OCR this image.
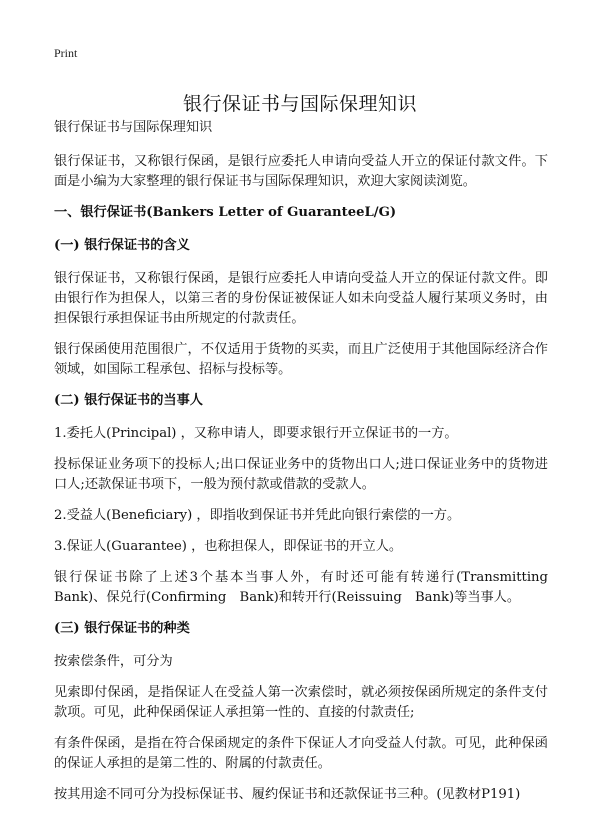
Print
银行保证书与国际保理知识

银行保证书与国际保理知识

银行保证书，又称银行保函，是银行应委托人申请向受益人开立的保证付款文件。下面是小编为大家整理的银行保证书与国际保理知识，欢迎大家阅读浏览。

一、银行保证书(Bankers Letter of GuaranteeL/G)
(一) 银行保证书的含义

银行保证书，又称银行保函，是银行应委托人申请向受益人开立的保证付款文件。即由银行作为担保人，以第三者的身份保证被保证人如未向受益人履行某项义务时，由担保银行承担保证书由所规定的付款责任。

银行保函使用范围很广，不仅适用于货物的买卖，而且广泛使用于其他国际经济合作领域，如国际工程承包、招标与投标等。

(二) 银行保证书的当事人

1.委托人(Principal) ，又称申请人，即要求银行开立保证书的一方。

投标保证业务项下的投标人;出口保证业务中的货物出口人;进口保证业务中的货物进口人;还款保证书项下，一般为预付款或借款的受款人。

2.受益人(Beneficiary) ，即指收到保证书并凭此向银行索偿的一方。

3.保证人(Guarantee) ，也称担保人，即保证书的开立人。

银行保证书除了上述3个基本当事人外，有时还可能有转递行(Transmitting　Bank)、保兑行(Confirming　Bank)和转开行(Reissuing　Bank)等当事人。

(三) 银行保证书的种类

按索偿条件，可分为

见索即付保函，是指保证人在受益人第一次索偿时，就必须按保函所规定的条件支付款项。可见，此种保函保证人承担第一性的、直接的付款责任;

有条件保函，是指在符合保函规定的条件下保证人才向受益人付款。可见，此种保函的保证人承担的是第二性的、附属的付款责任。

按其用途不同可分为投标保证书、履约保证书和还款保证书三种。(见教材P191)
